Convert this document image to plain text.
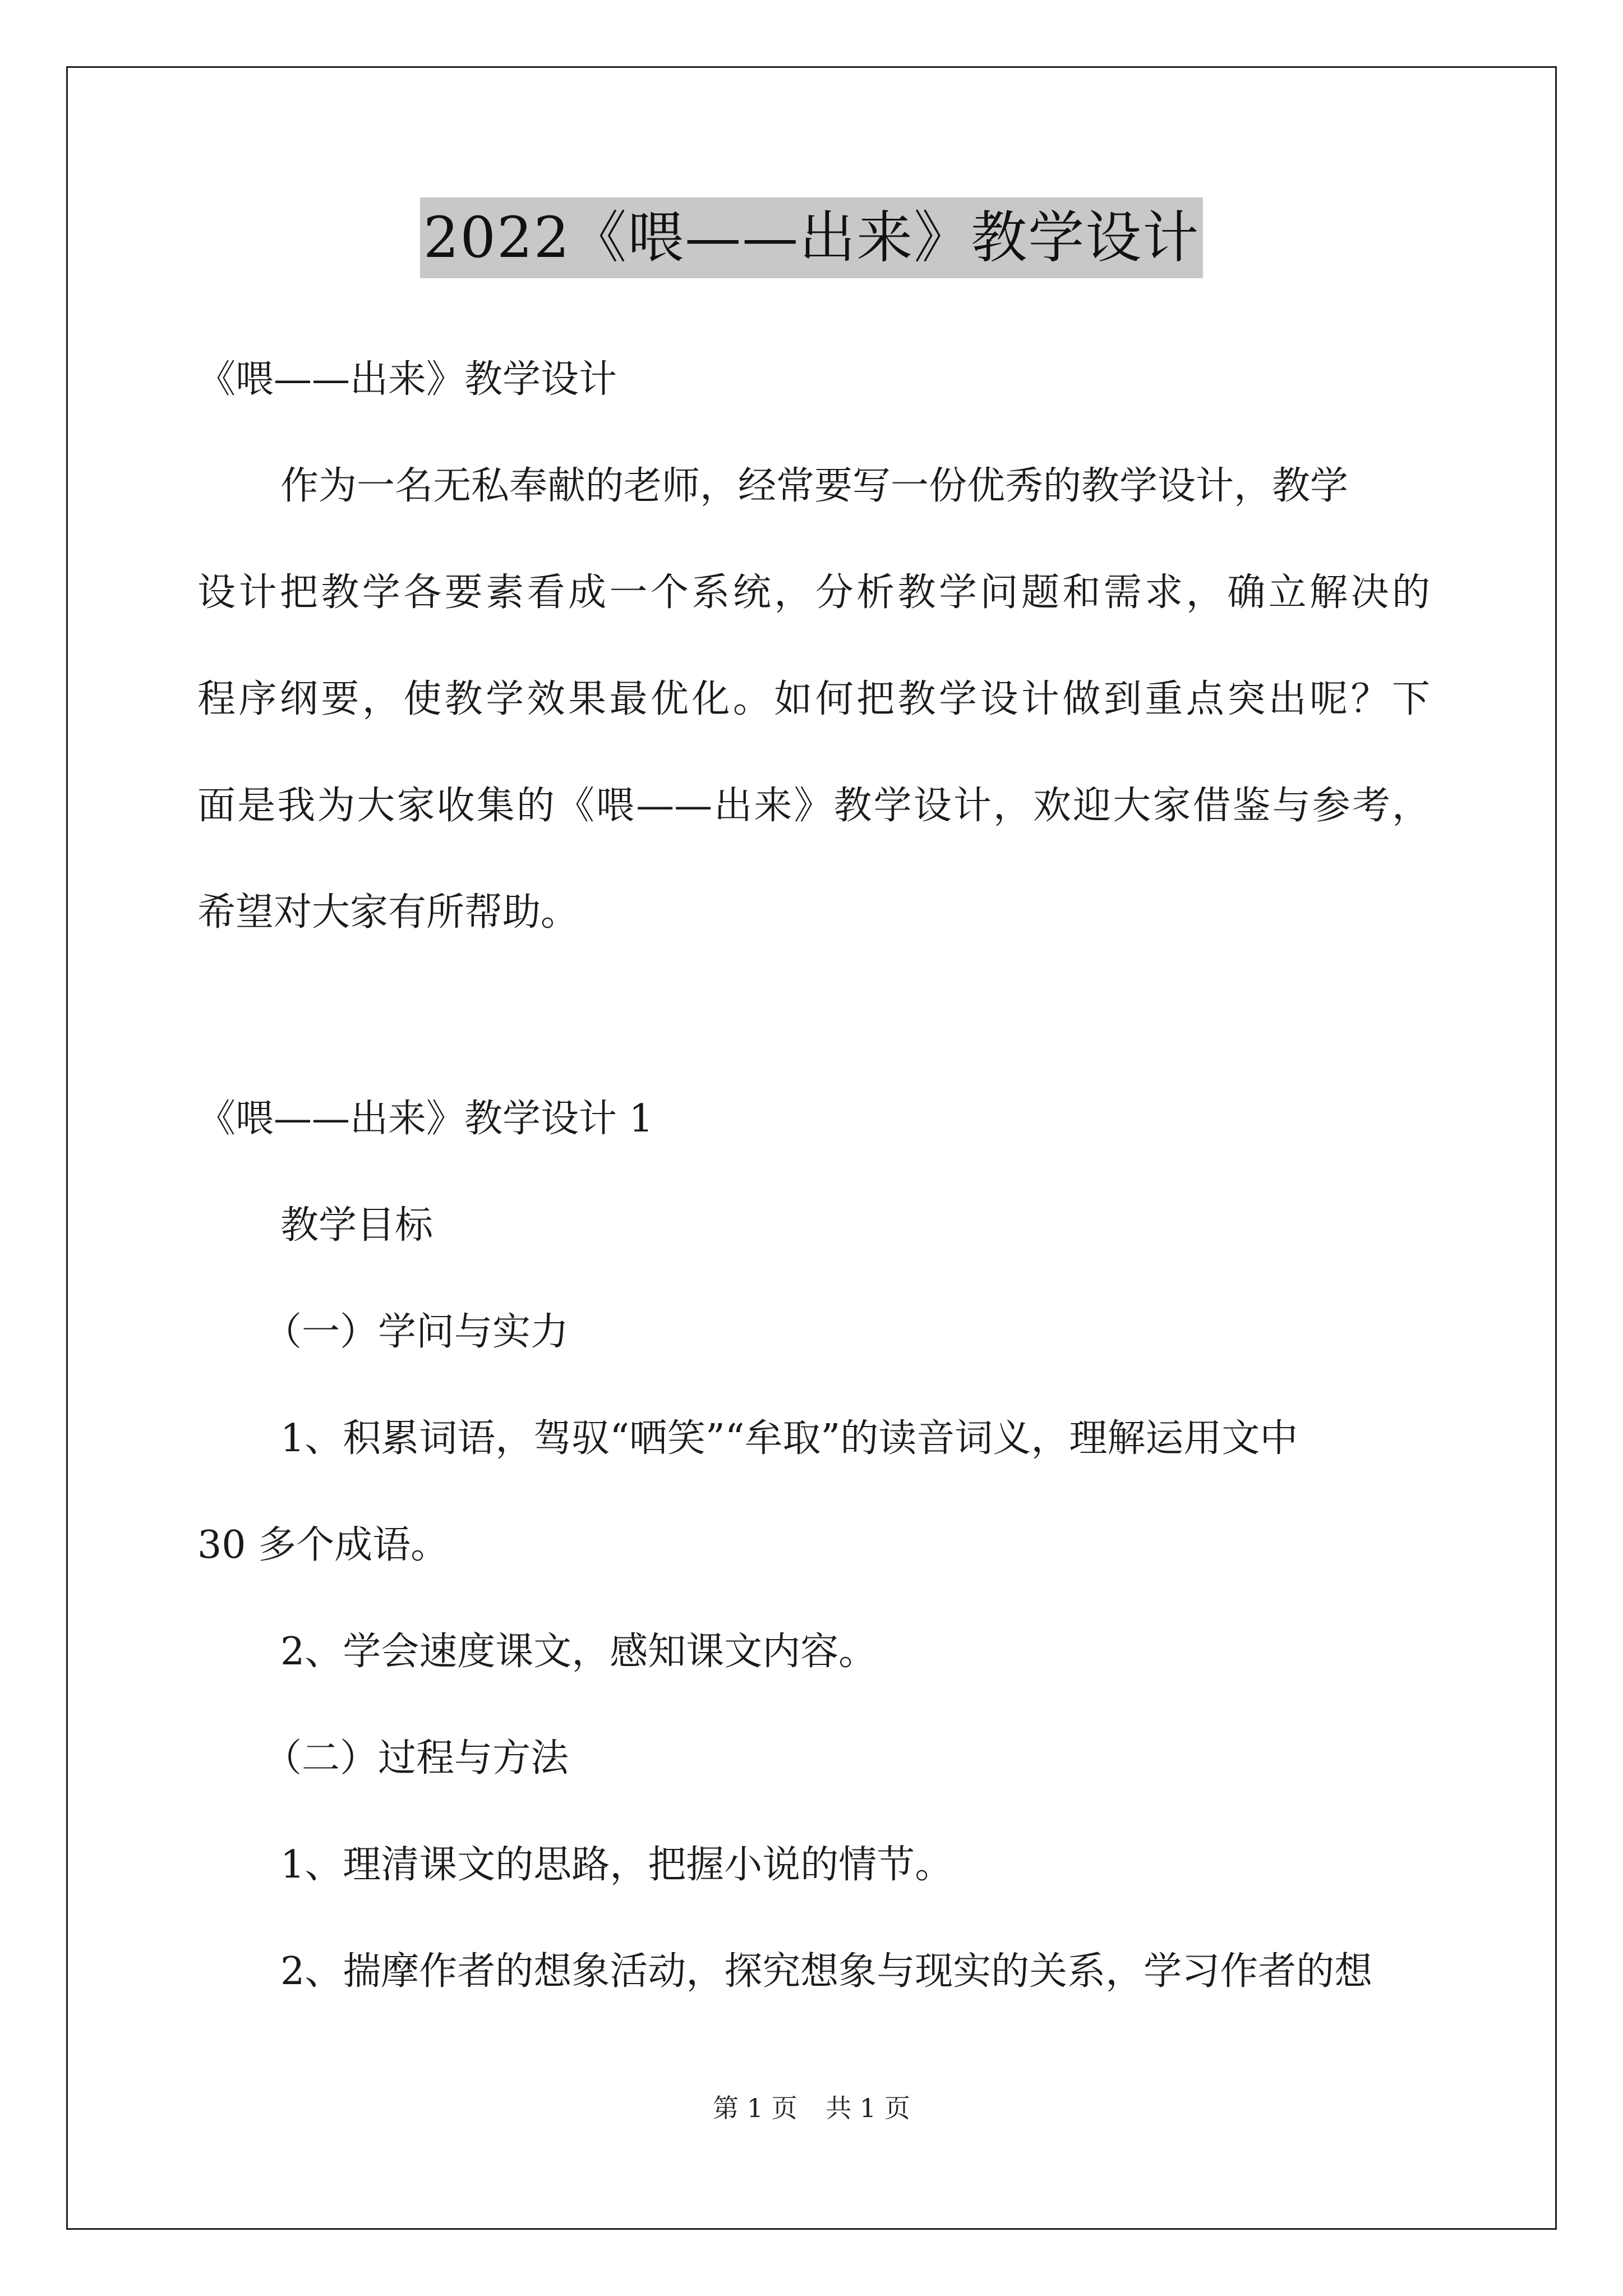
2022《喂——出来》教学设计
《喂——出来》教学设计
作为一名无私奉献的老师，经常要写一份优秀的教学设计，教学
设计把教学各要素看成一个系统，分析教学问题和需求，确立解决的
程序纲要，使教学效果最优化。如何把教学设计做到重点突出呢？下
面是我为大家收集的《喂——出来》教学设计，欢迎大家借鉴与参考，
希望对大家有所帮助。
《喂——出来》教学设计 1
教学目标
（一）学问与实力
1、积累词语，驾驭“哂笑”“牟取”的读音词义，理解运用文中
30 多个成语。
2、学会速度课文，感知课文内容。
（二）过程与方法
1、理清课文的思路，把握小说的情节。
2、揣摩作者的想象活动，探究想象与现实的关系，学习作者的想
第 1 页 共 1 页
